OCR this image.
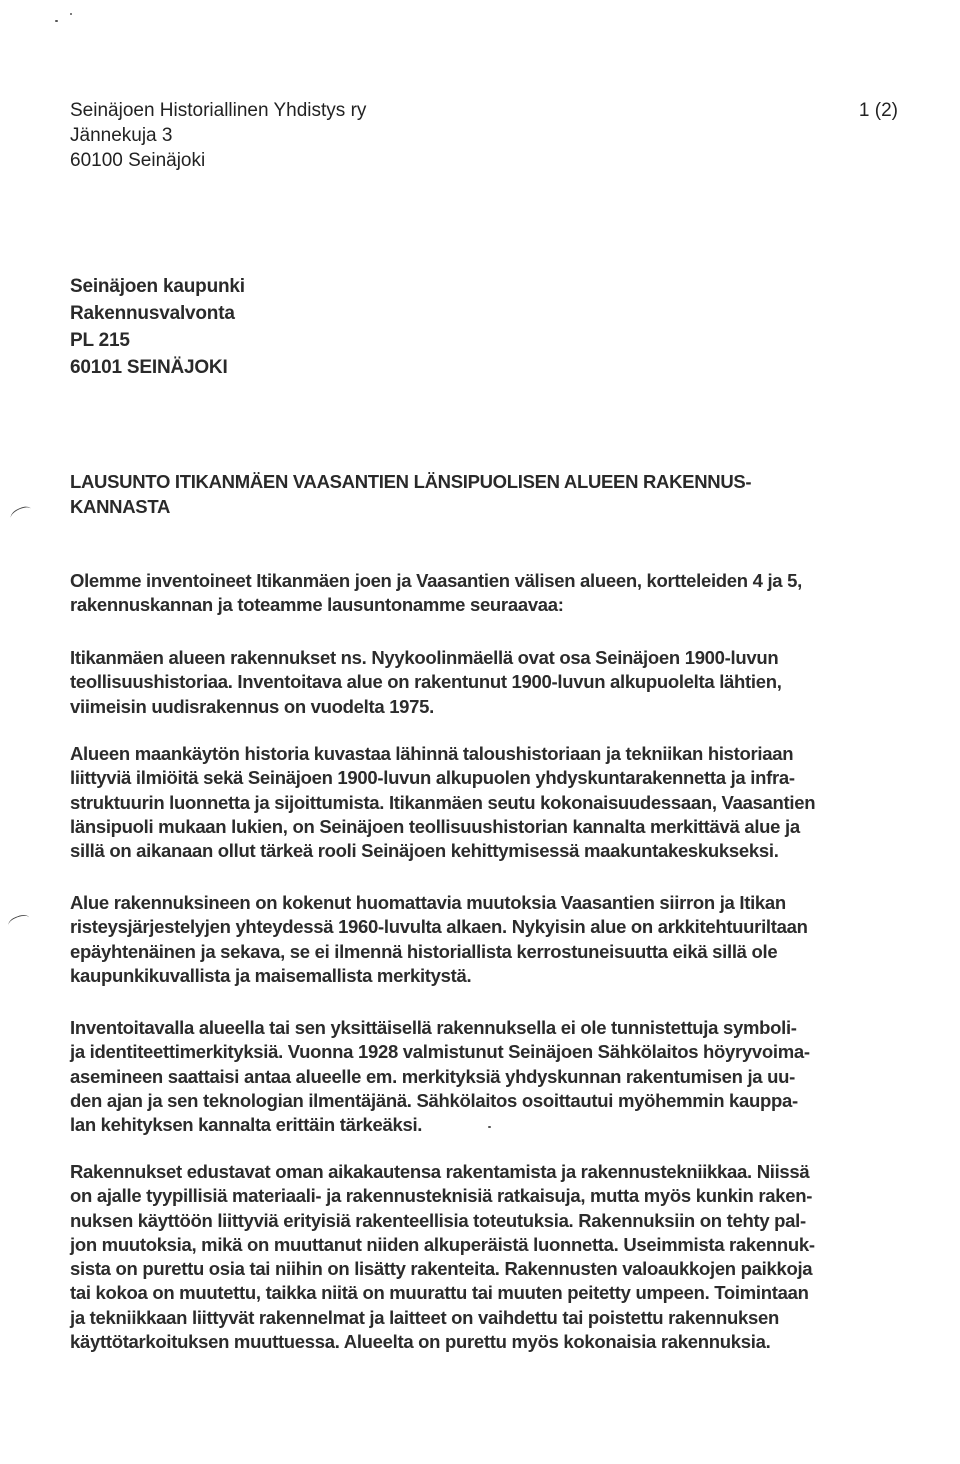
Seinäjoen Historiallinen Yhdistys ry
Jännekuja 3
60100 Seinäjoki
1 (2)
Seinäjoen kaupunki
Rakennusvalvonta
PL 215
60101 SEINÄJOKI
LAUSUNTO ITIKANMÄEN VAASANTIEN LÄNSIPUOLISEN ALUEEN RAKENNUS-
KANNASTA
Olemme inventoineet Itikanmäen joen ja Vaasantien välisen alueen, kortteleiden 4 ja 5,
rakennuskannan ja toteamme lausuntonamme seuraavaa:
Itikanmäen alueen rakennukset ns. Nyykoolinmäellä ovat osa Seinäjoen 1900-luvun
teollisuushistoriaa. Inventoitava alue on rakentunut 1900-luvun alkupuolelta lähtien,
viimeisin uudisrakennus on vuodelta 1975.
Alueen maankäytön historia kuvastaa lähinnä taloushistoriaan ja tekniikan historiaan
liittyviä ilmiöitä sekä Seinäjoen 1900-luvun alkupuolen yhdyskuntarakennetta ja infra-
struktuurin luonnetta ja sijoittumista. Itikanmäen seutu kokonaisuudessaan, Vaasantien
länsipuoli mukaan lukien, on Seinäjoen teollisuushistorian kannalta merkittävä alue ja
sillä on aikanaan ollut tärkeä rooli Seinäjoen kehittymisessä maakuntakeskukseksi.
Alue rakennuksineen on kokenut huomattavia muutoksia Vaasantien siirron ja Itikan
risteysjärjestelyjen yhteydessä 1960-luvulta alkaen. Nykyisin alue on arkkitehtuuriltaan
epäyhtenäinen ja sekava, se ei ilmennä historiallista kerrostuneisuutta eikä sillä ole
kaupunkikuvallista ja maisemallista merkitystä.
Inventoitavalla alueella tai sen yksittäisellä rakennuksella ei ole tunnistettuja symboli-
ja identiteettimerkityksiä. Vuonna 1928 valmistunut Seinäjoen Sähkölaitos höyryvoima-
asemineen saattaisi antaa alueelle em. merkityksiä yhdyskunnan rakentumisen ja uu-
den ajan ja sen teknologian ilmentäjänä. Sähkölaitos osoittautui myöhemmin kauppa-
lan kehityksen kannalta erittäin tärkeäksi.
Rakennukset edustavat oman aikakautensa rakentamista ja rakennustekniikkaa. Niissä
on ajalle tyypillisiä materiaali- ja rakennusteknisiä ratkaisuja, mutta myös kunkin raken-
nuksen käyttöön liittyviä erityisiä rakenteellisia toteutuksia. Rakennuksiin on tehty pal-
jon muutoksia, mikä on muuttanut niiden alkuperäistä luonnetta. Useimmista rakennuk-
sista on purettu osia tai niihin on lisätty rakenteita. Rakennusten valoaukkojen paikkoja
tai kokoa on muutettu, taikka niitä on muurattu tai muuten peitetty umpeen. Toimintaan
ja tekniikkaan liittyvät rakennelmat ja laitteet on vaihdettu tai poistettu rakennuksen
käyttötarkoituksen muuttuessa. Alueelta on purettu myös kokonaisia rakennuksia.
